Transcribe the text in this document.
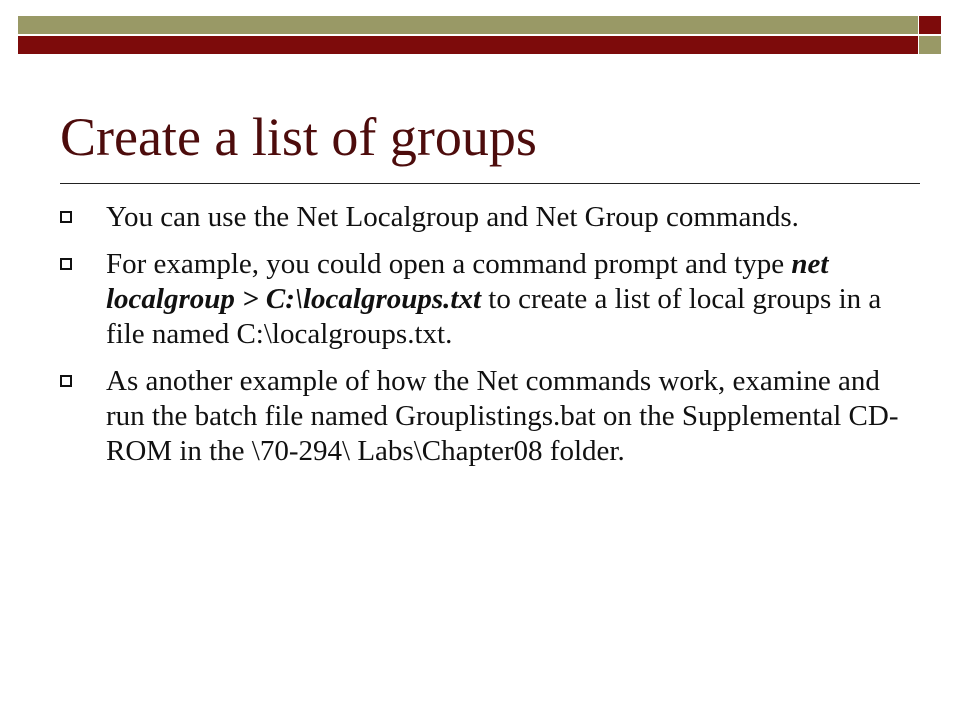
Create a list of groups
You can use the Net Localgroup and Net Group commands.
For example, you could open a command prompt and type net localgroup > C:\localgroups.txt to create a list of local groups in a file named C:\localgroups.txt.
As another example of how the Net commands work, examine and run the batch file named Grouplistings.bat on the Supplemental CD-ROM in the \70-294\ Labs\Chapter08 folder.
